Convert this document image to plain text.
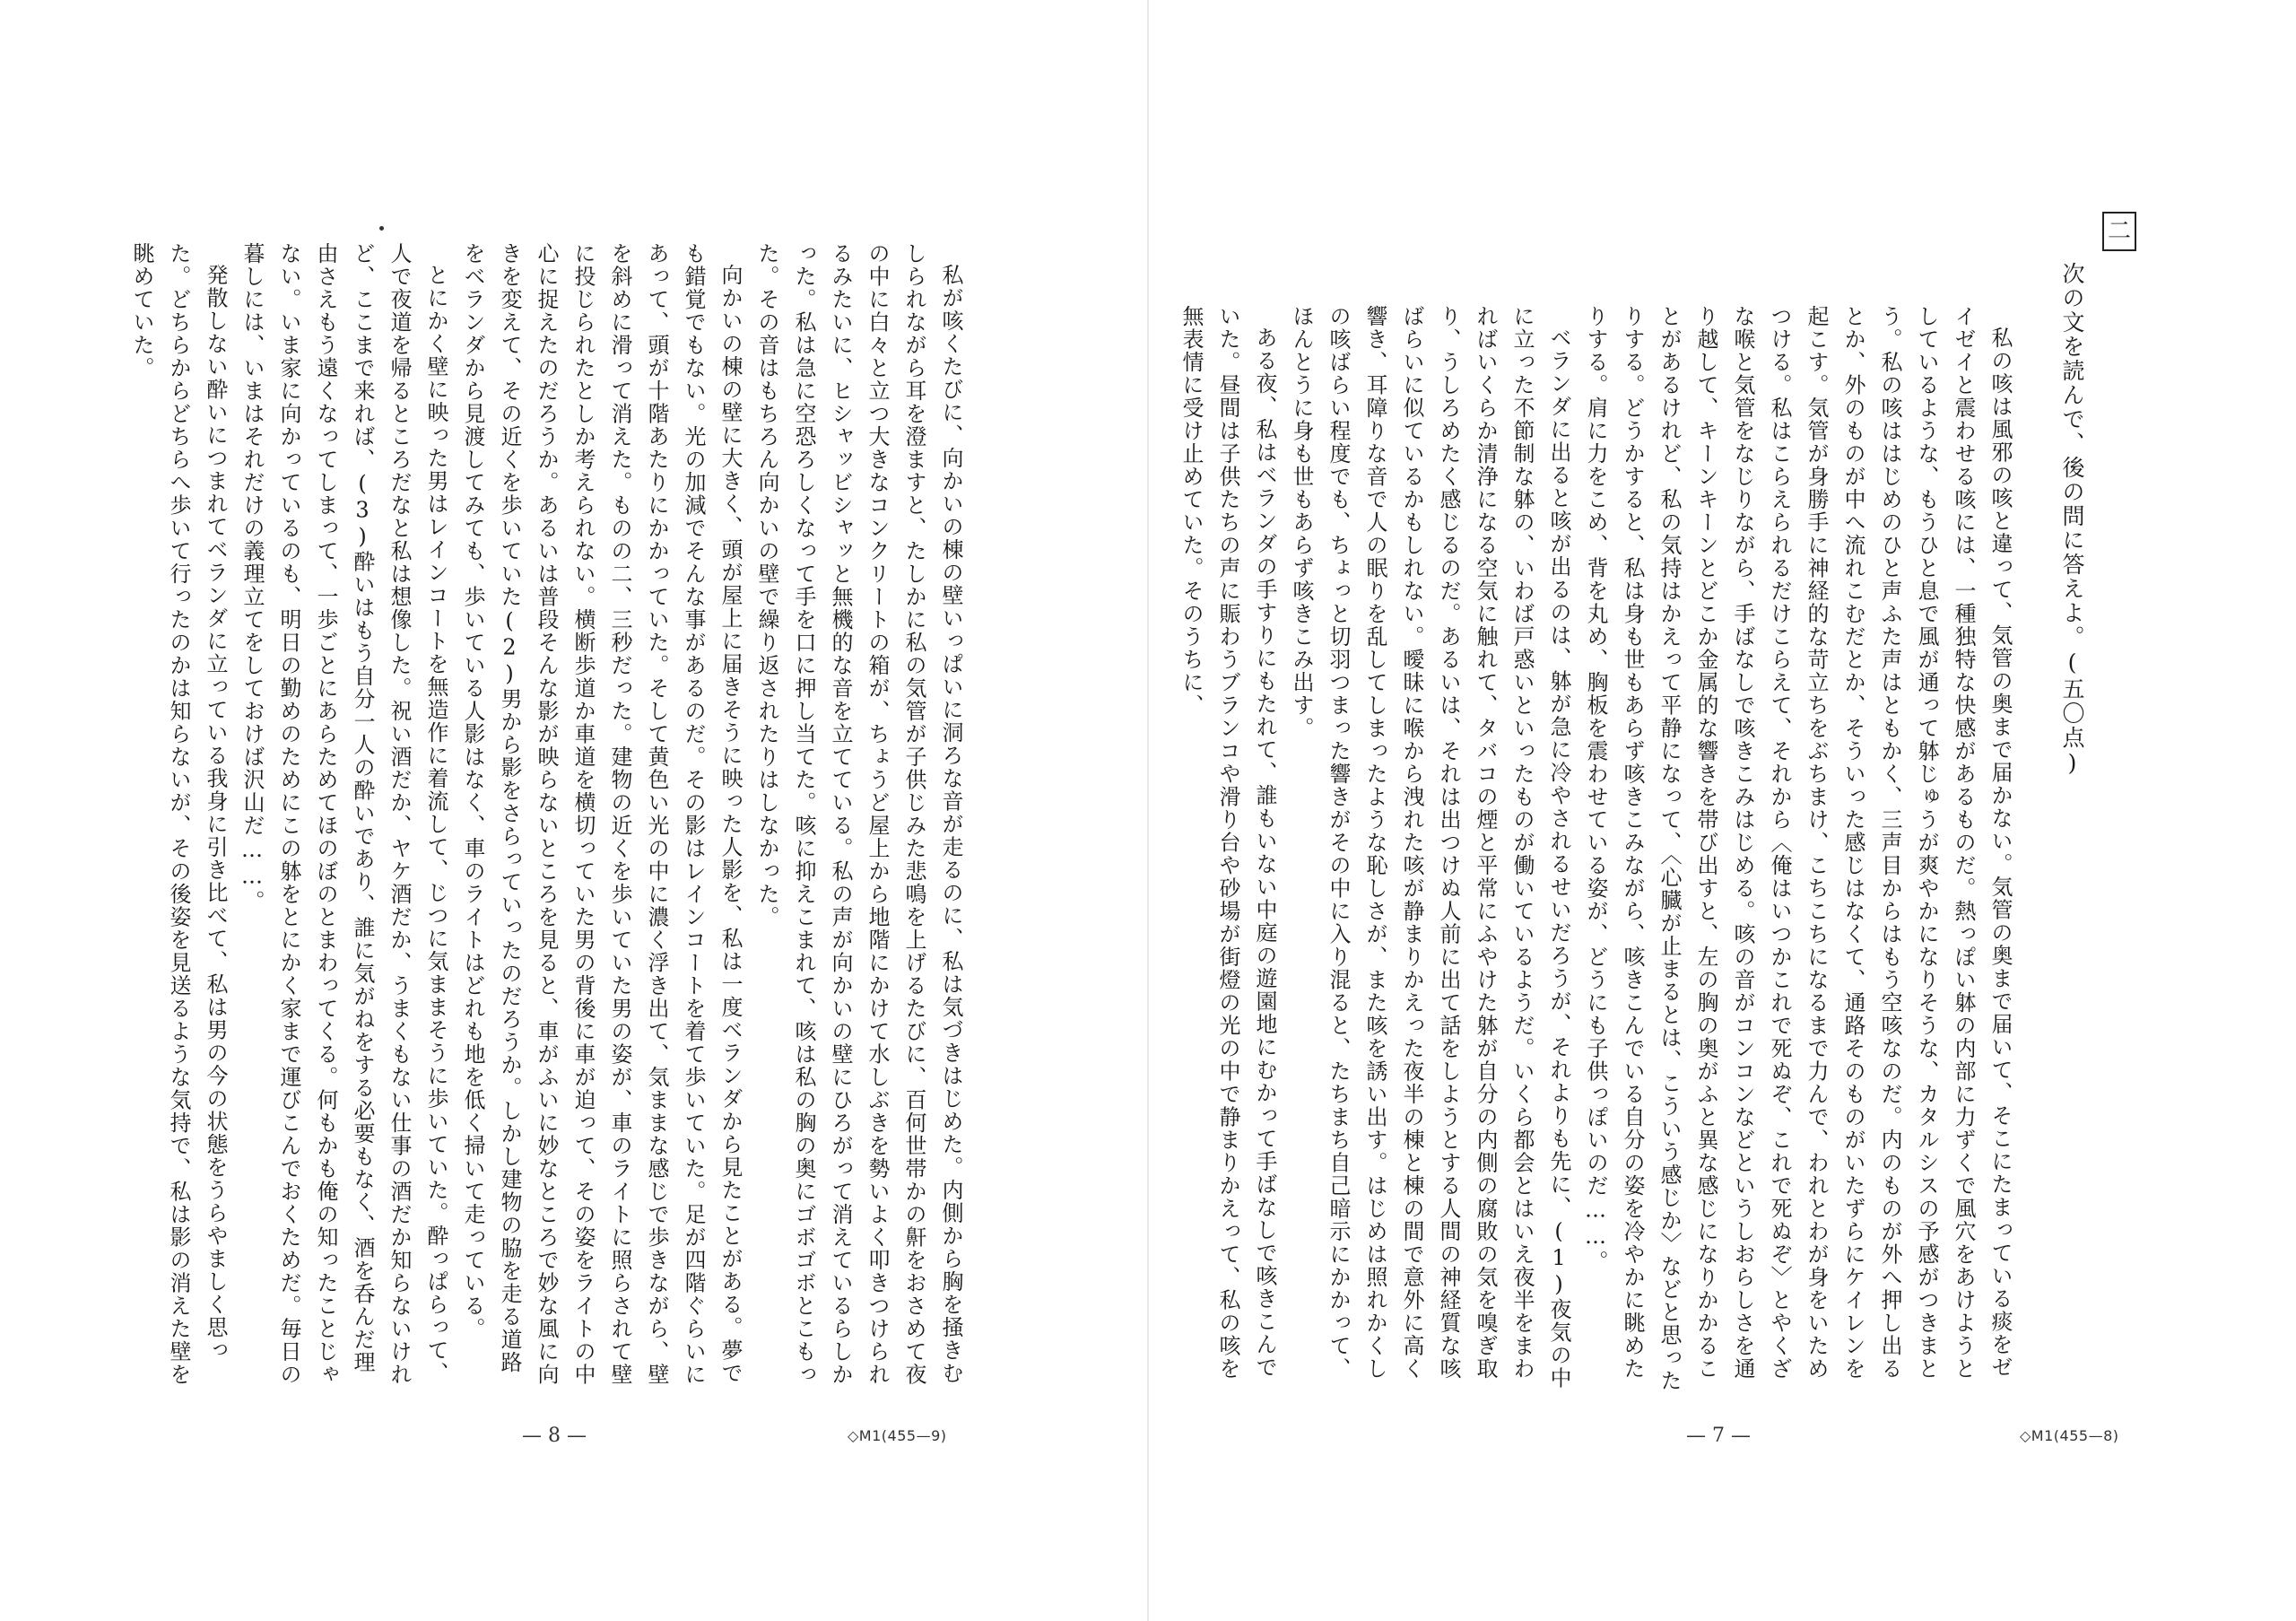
二
次の文を読んで、後の問に答えよ。(五〇点)

私の咳は風邪の咳と違って、気管の奥まで届かない。気管の奥まで届いて、そこにたまっている痰をゼイゼイと震わせる咳には、一種独特な快感があるものだ。熱っぽい躰の内部に力ずくで風穴をあけようとしているような、もうひと息で風が通って躰じゅうが爽やかになりそうな、カタルシスの予感がつきまとう。私の咳ははじめのひと声ふた声はともかく、三声目からはもう空咳なのだ。内のものが外へ押し出るとか、外のものが中へ流れこむだとか、そういった感じはなくて、通路そのものがいたずらにケイレンを起こす。気管が身勝手に神経的な苛立ちをぶちまけ、こちこちになるまで力んで、われとわが身をいためつける。私はこらえられるだけこらえて、それから〈俺はいつかこれで死ぬぞ、これで死ぬぞ〉とやくざな喉と気管をなじりながら、手ばなしで咳きこみはじめる。咳の音がコンコンなどというしおらしさを通り越して、キーンキーンとどこか金属的な響きを帯び出すと、左の胸の奥がふと異な感じになりかかることがあるけれど、私の気持はかえって平静になって、〈心臓が止まるとは、こういう感じか〉などと思ったりする。どうかすると、私は身も世もあらず咳きこみながら、咳きこんでいる自分の姿を冷やかに眺めたりする。肩に力をこめ、背を丸め、胸板を震わせている姿が、どうにも子供っぽいのだ……。

ベランダに出ると咳が出るのは、躰が急に冷やされるせいだろうが、それよりも先に、(1)夜気の中に立った不節制な躰の、いわば戸惑いといったものが働いているようだ。いくら都会とはいえ夜半をまわればいくらか清浄になる空気に触れて、タバコの煙と平常にふやけた躰が自分の内側の腐敗の気を嗅ぎ取り、うしろめたく感じるのだ。あるいは、それは出つけぬ人前に出て話をしようとする人間の神経質な咳ばらいに似ているかもしれない。曖昧に喉から洩れた咳が静まりかえった夜半の棟と棟の間で意外に高く響き、耳障りな音で人の眠りを乱してしまったような恥しさが、また咳を誘い出す。はじめは照れかくしの咳ばらい程度でも、ちょっと切羽つまった響きがその中に入り混ると、たちまち自己暗示にかかって、ほんとうに身も世もあらず咳きこみ出す。

ある夜、私はベランダの手すりにもたれて、誰もいない中庭の遊園地にむかって手ばなしで咳きこんでいた。昼間は子供たちの声に賑わうブランコや滑り台や砂場が街燈の光の中で静まりかえって、私の咳を無表情に受け止めていた。そのうちに、

— 7 —	◇M1(455—8)

私が咳くたびに、向かいの棟の壁いっぱいに洞ろな音が走るのに、私は気づきはじめた。内側から胸を掻きむしられながら耳を澄ますと、たしかに私の気管が子供じみた悲鳴を上げるたびに、百何世帯かの鼾をおさめて夜の中に白々と立つ大きなコンクリートの箱が、ちょうど屋上から地階にかけて水しぶきを勢いよく叩きつけられるみたいに、ヒシャッビシャッと無機的な音を立てている。私の声が向かいの壁にひろがって消えているらしかった。私は急に空恐ろしくなって手を口に押し当てた。咳に抑えこまれて、咳は私の胸の奥にゴボゴボとこもった。その音はもちろん向かいの壁で繰り返されたりはしなかった。

向かいの棟の壁に大きく、頭が屋上に届きそうに映った人影を、私は一度ベランダから見たことがある。夢でも錯覚でもない。光の加減でそんな事があるのだ。その影はレインコートを着て歩いていた。足が四階ぐらいにあって、頭が十階あたりにかかっていた。そして黄色い光の中に濃く浮き出て、気ままな感じで歩きながら、壁を斜めに滑って消えた。ものの二、三秒だった。建物の近くを歩いていた男の姿が、車のライトに照らされて壁に投じられたとしか考えられない。横断歩道か車道を横切っていた男の背後に車が迫って、その姿をライトの中心に捉えたのだろうか。あるいは普段そんな影が映らないところを見ると、車がふいに妙なところで妙な風に向きを変えて、その近くを歩いていた(2)男から影をさらっていったのだろうか。しかし建物の脇を走る道路をベランダから見渡してみても、歩いている人影はなく、車のライトはどれも地を低く掃いて走っている。

とにかく壁に映った男はレインコートを無造作に着流して、じつに気ままそうに歩いていた。酔っぱらって、人で夜道を帰るところだなと私は想像した。祝い酒だか、ヤケ酒だか、うまくもない仕事の酒だか知らないけれど、ここまで来れば、(3)酔いはもう自分一人の酔いであり、誰に気がねをする必要もなく、酒を呑んだ理由さえもう遠くなってしまって、一歩ごとにあらためてほのぼのとまわってくる。何もかも俺の知ったことじゃない。いま家に向かっているのも、明日の勤めのためにこの躰をとにかく家まで運びこんでおくためだ。毎日の暮しには、いまはそれだけの義理立てをしておけば沢山だ……。

発散しない酔いにつまれてベランダに立っている我身に引き比べて、私は男の今の状態をうらやましく思った。どちらからどちらへ歩いて行ったのかは知らないが、その後姿を見送るような気持で、私は影の消えた壁を眺めていた。

— 8 —	◇M1(455—9)
